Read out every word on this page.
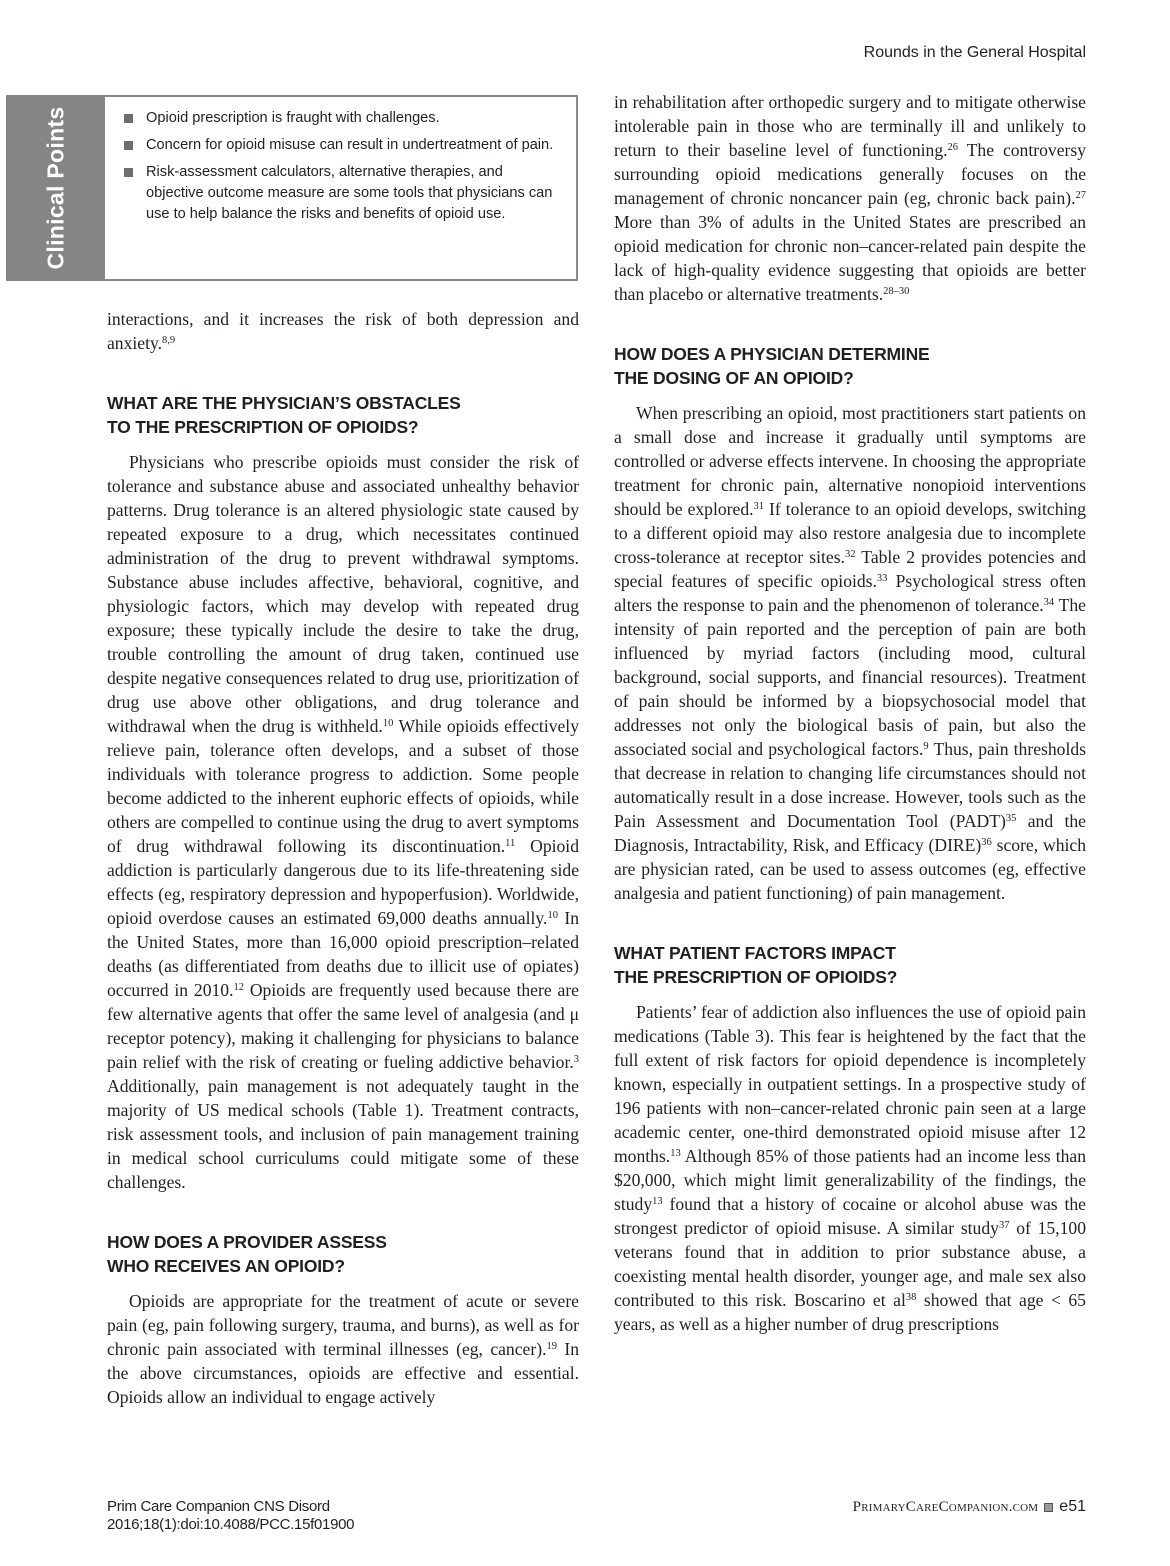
Rounds in the General Hospital
Clinical Points	Opioid prescription is fraught with challenges.
Concern for opioid misuse can result in undertreatment of pain.
Risk-assessment calculators, alternative therapies, and objective outcome measure are some tools that physicians can use to help balance the risks and benefits of opioid use.

interactions, and it increases the risk of both depression and anxiety.$^{8,9}$

WHAT ARE THE PHYSICIAN’S OBSTACLES
TO THE PRESCRIPTION OF OPIOIDS?

Physicians who prescribe opioids must consider the risk of tolerance and substance abuse and associated unhealthy behavior patterns. Drug tolerance is an altered physiologic state caused by repeated exposure to a drug, which necessitates continued administration of the drug to prevent withdrawal symptoms. Substance abuse includes affective, behavioral, cognitive, and physiologic factors, which may develop with repeated drug exposure; these typically include the desire to take the drug, trouble controlling the amount of drug taken, continued use despite negative consequences related to drug use, prioritization of drug use above other obligations, and drug tolerance and withdrawal when the drug is withheld.$^{10}$ While opioids effectively relieve pain, tolerance often develops, and a subset of those individuals with tolerance progress to addiction. Some people become addicted to the inherent euphoric effects of opioids, while others are compelled to continue using the drug to avert symptoms of drug withdrawal following its discontinuation.$^{11}$ Opioid addiction is particularly dangerous due to its life-threatening side effects (eg, respiratory depression and hypoperfusion). Worldwide, opioid overdose causes an estimated 69,000 deaths annually.$^{10}$ In the United States, more than 16,000 opioid prescription–related deaths (as differentiated from deaths due to illicit use of opiates) occurred in 2010.12 Opioids are frequently used because there are few alternative agents that offer the same level of analgesia (and μ receptor potency), making it challenging for physicians to balance pain relief with the risk of creating or fueling addictive behavior.$^3$ Additionally, pain management is not adequately taught in the majority of US medical schools (Table 1). Treatment contracts, risk assessment tools, and inclusion of pain management training in medical school curriculums could mitigate some of these challenges.

HOW DOES A PROVIDER ASSESS
WHO RECEIVES AN OPIOID?

Opioids are appropriate for the treatment of acute or severe pain (eg, pain following surgery, trauma, and burns), as well as for chronic pain associated with terminal illnesses (eg, cancer).$^{19}$ In the above circumstances, opioids are effective and essential. Opioids allow an individual to engage actively

in rehabilitation after orthopedic surgery and to mitigate otherwise intolerable pain in those who are terminally ill and unlikely to return to their baseline level of functioning.$^{26}$ The controversy surrounding opioid medications generally focuses on the management of chronic noncancer pain (eg, chronic back pain).$^{27}$ More than 3% of adults in the United States are prescribed an opioid medication for chronic non–cancer-related pain despite the lack of high-quality evidence suggesting that opioids are better than placebo or alternative treatments.$^{28-30}$

HOW DOES A PHYSICIAN DETERMINE
THE DOSING OF AN OPIOID?

When prescribing an opioid, most practitioners start patients on a small dose and increase it gradually until symptoms are controlled or adverse effects intervene. In choosing the appropriate treatment for chronic pain, alternative nonopioid interventions should be explored.$^{31}$ If tolerance to an opioid develops, switching to a different opioid may also restore analgesia due to incomplete cross-tolerance at receptor sites.$^{32}$ Table 2 provides potencies and special features of specific opioids.$^{33}$ Psychological stress often alters the response to pain and the phenomenon of tolerance.$^{34}$ The intensity of pain reported and the perception of pain are both influenced by myriad factors (including mood, cultural background, social supports, and financial resources). Treatment of pain should be informed by a biopsychosocial model that addresses not only the biological basis of pain, but also the associated social and psychological factors.$^9$ Thus, pain thresholds that decrease in relation to changing life circumstances should not automatically result in a dose increase. However, tools such as the Pain Assessment and Documentation Tool (PADT)$^{35}$ and the Diagnosis, Intractability, Risk, and Efficacy (DIRE)$^{36}$ score, which are physician rated, can be used to assess outcomes (eg, effective analgesia and patient functioning) of pain management.

WHAT PATIENT FACTORS IMPACT
THE PRESCRIPTION OF OPIOIDS?

Patients’ fear of addiction also influences the use of opioid pain medications (Table 3). This fear is heightened by the fact that the full extent of risk factors for opioid dependence is incompletely known, especially in outpatient settings. In a prospective study of 196 patients with non–cancer-related chronic pain seen at a large academic center, one-third demonstrated opioid misuse after 12 months.$^{13}$ Although 85% of those patients had an income less than $20,000, which might limit generalizability of the findings, the study$^{13}$ found that a history of cocaine or alcohol abuse was the strongest predictor of opioid misuse. A similar study$^{37}$ of 15,100 veterans found that in addition to prior substance abuse, a coexisting mental health disorder, younger age, and male sex also contributed to this risk. Boscarino et $al^{38}$ showed that age < 65 years, as well as a higher number of drug prescriptions

Prim Care Companion CNS Disord
2016;18(1):doi:10.4088/PCC.15f01900
PrimaryCareCompanion.com e51
